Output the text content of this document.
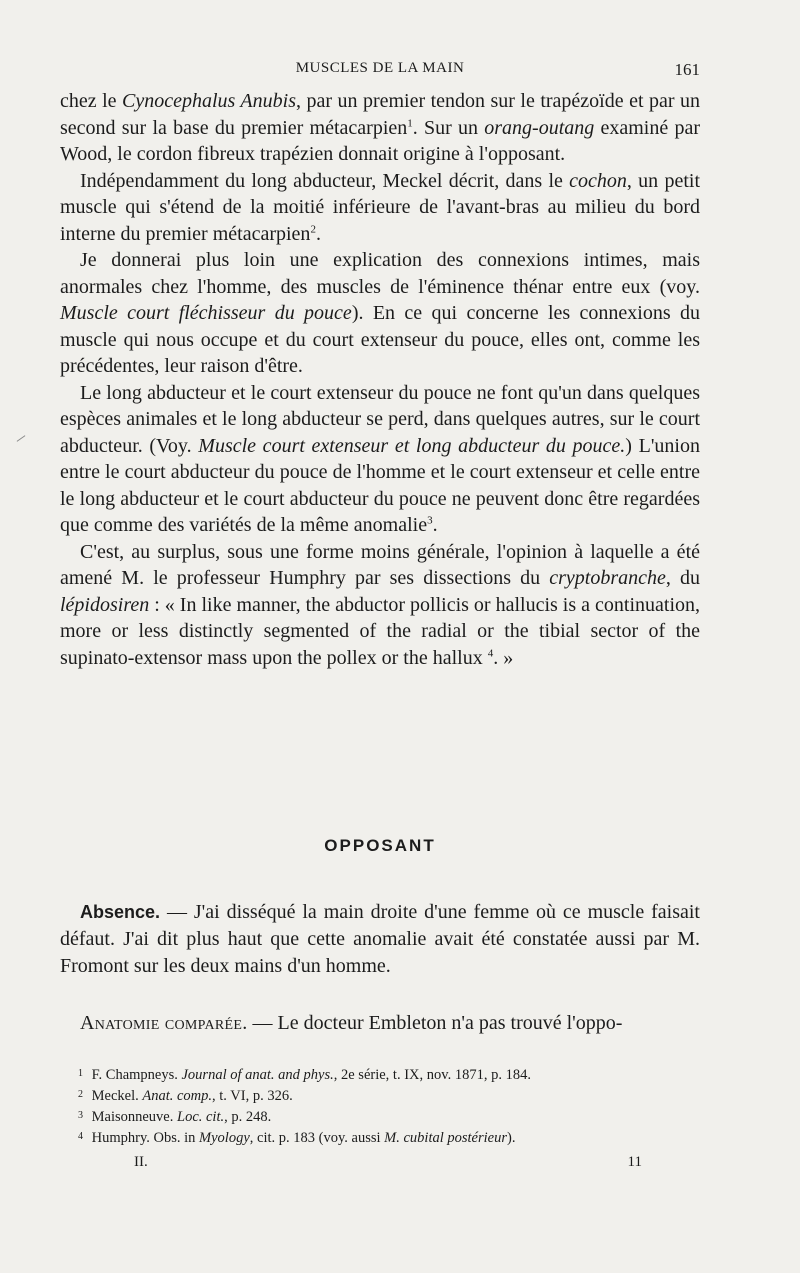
MUSCLES DE LA MAIN	161

chez le Cynocephalus Anubis, par un premier tendon sur le trapézoïde et par un second sur la base du premier métacarpien$^1$. Sur un orang-outang examiné par Wood, le cordon fibreux trapézien donnait origine à l'opposant.

Indépendamment du long abducteur, Meckel décrit, dans le cochon, un petit muscle qui s'étend de la moitié inférieure de l'avant-bras au milieu du bord interne du premier métacarpien$^2$.

Je donnerai plus loin une explication des connexions intimes, mais anormales chez l'homme, des muscles de l'éminence thénar entre eux (voy. Muscle court fléchisseur du pouce). En ce qui concerne les connexions du muscle qui nous occupe et du court extenseur du pouce, elles ont, comme les précédentes, leur raison d'être.

Le long abducteur et le court extenseur du pouce ne font qu'un dans quelques espèces animales et le long abducteur se perd, dans quelques autres, sur le court abducteur. (Voy. Muscle court extenseur et long abducteur du pouce.) L'union entre le court abducteur du pouce de l'homme et le court extenseur et celle entre le long abducteur et le court abducteur du pouce ne peuvent donc être regardées que comme des variétés de la même anomalie$^3$.

C'est, au surplus, sous une forme moins générale, l'opinion à laquelle a été amené M. le professeur Humphry par ses dissections du cryptobranche, du lépidosiren : « In like manner, the abductor pollicis or hallucis is a continuation, more or less distinctly segmented of the radial or the tibial sector of the supinato-extensor mass upon the pollex or the hallux $^4$. »

OPPOSANT

Absence. — J'ai disséqué la main droite d'une femme où ce muscle faisait défaut. J'ai dit plus haut que cette anomalie avait été constatée aussi par M. Fromont sur les deux mains d'un homme.

Anatomie comparée. — Le docteur Embleton n'a pas trouvé l'oppo-

1 F. Champneys. Journal of anat. and phys., 2e série, t. IX, nov. 1871, p. 184.
2 Meckel. Anat. comp., t. VI, p. 326.
3 Maisonneuve. Loc. cit., p. 248.
4 Humphry. Obs. in Myology, cit. p. 183 (voy. aussi M. cubital postérieur).
II.	11
